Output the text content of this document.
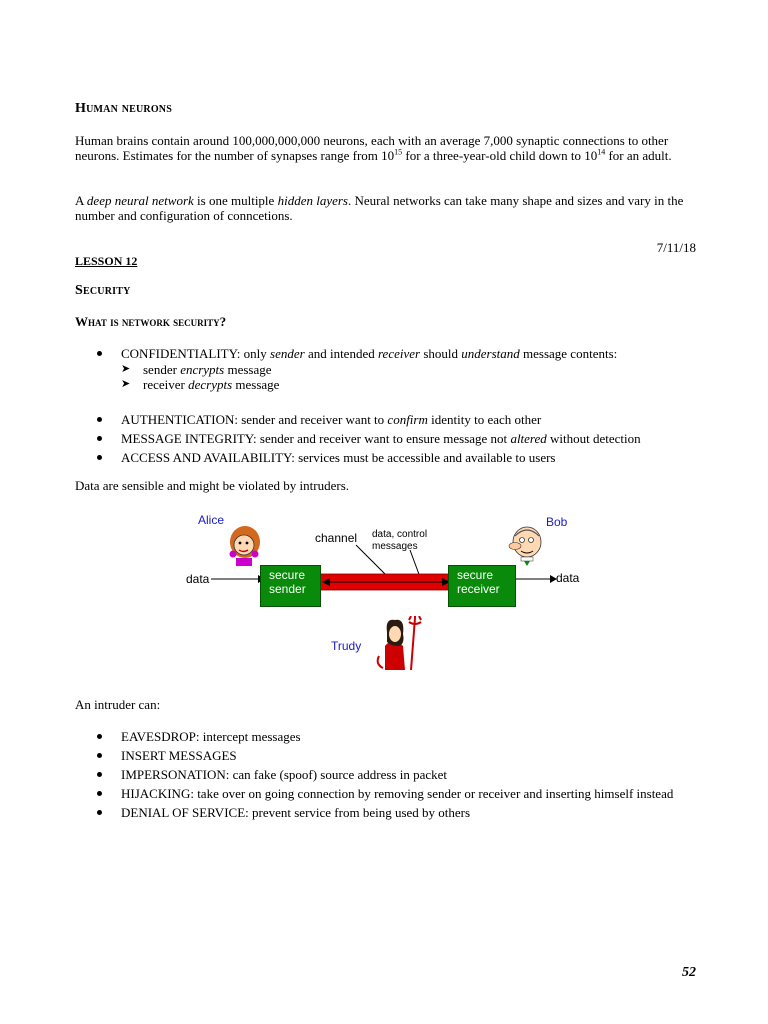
Human neurons

Human brains contain around 100,000,000,000 neurons, each with an average 7,000 synaptic connections to other neurons. Estimates for the number of synapses range from $10^{15}$ for a three-year-old child down to $10^{14}$ for an adult.

A deep neural network is one multiple hidden layers. Neural networks can take many shape and sizes and vary in the number and configuration of conncetions.

7/11/18
LESSON 12
Security
What is network security?
CONFIDENTIALITY: only sender and intended receiver should understand message contents:
➤ sender encrypts message
➤ receiver decrypts message
AUTHENTICATION: sender and receiver want to confirm identity to each other
MESSAGE INTEGRITY: sender and receiver want to ensure message not altered without detection
ACCESS AND AVAILABILITY: services must be accessible and available to users
Data are sensible and might be violated by intruders.
Alice	Bob
Trudy
channel data, control messages
secure sender
secure receiver
data	data
An intruder can:
EAVESDROP: intercept messages
INSERT MESSAGES
IMPERSONATION: can fake (spoof) source address in packet
HIJACKING: take over on going connection by removing sender or receiver and inserting himself instead
DENIAL OF SERVICE: prevent service from being used by others
52
